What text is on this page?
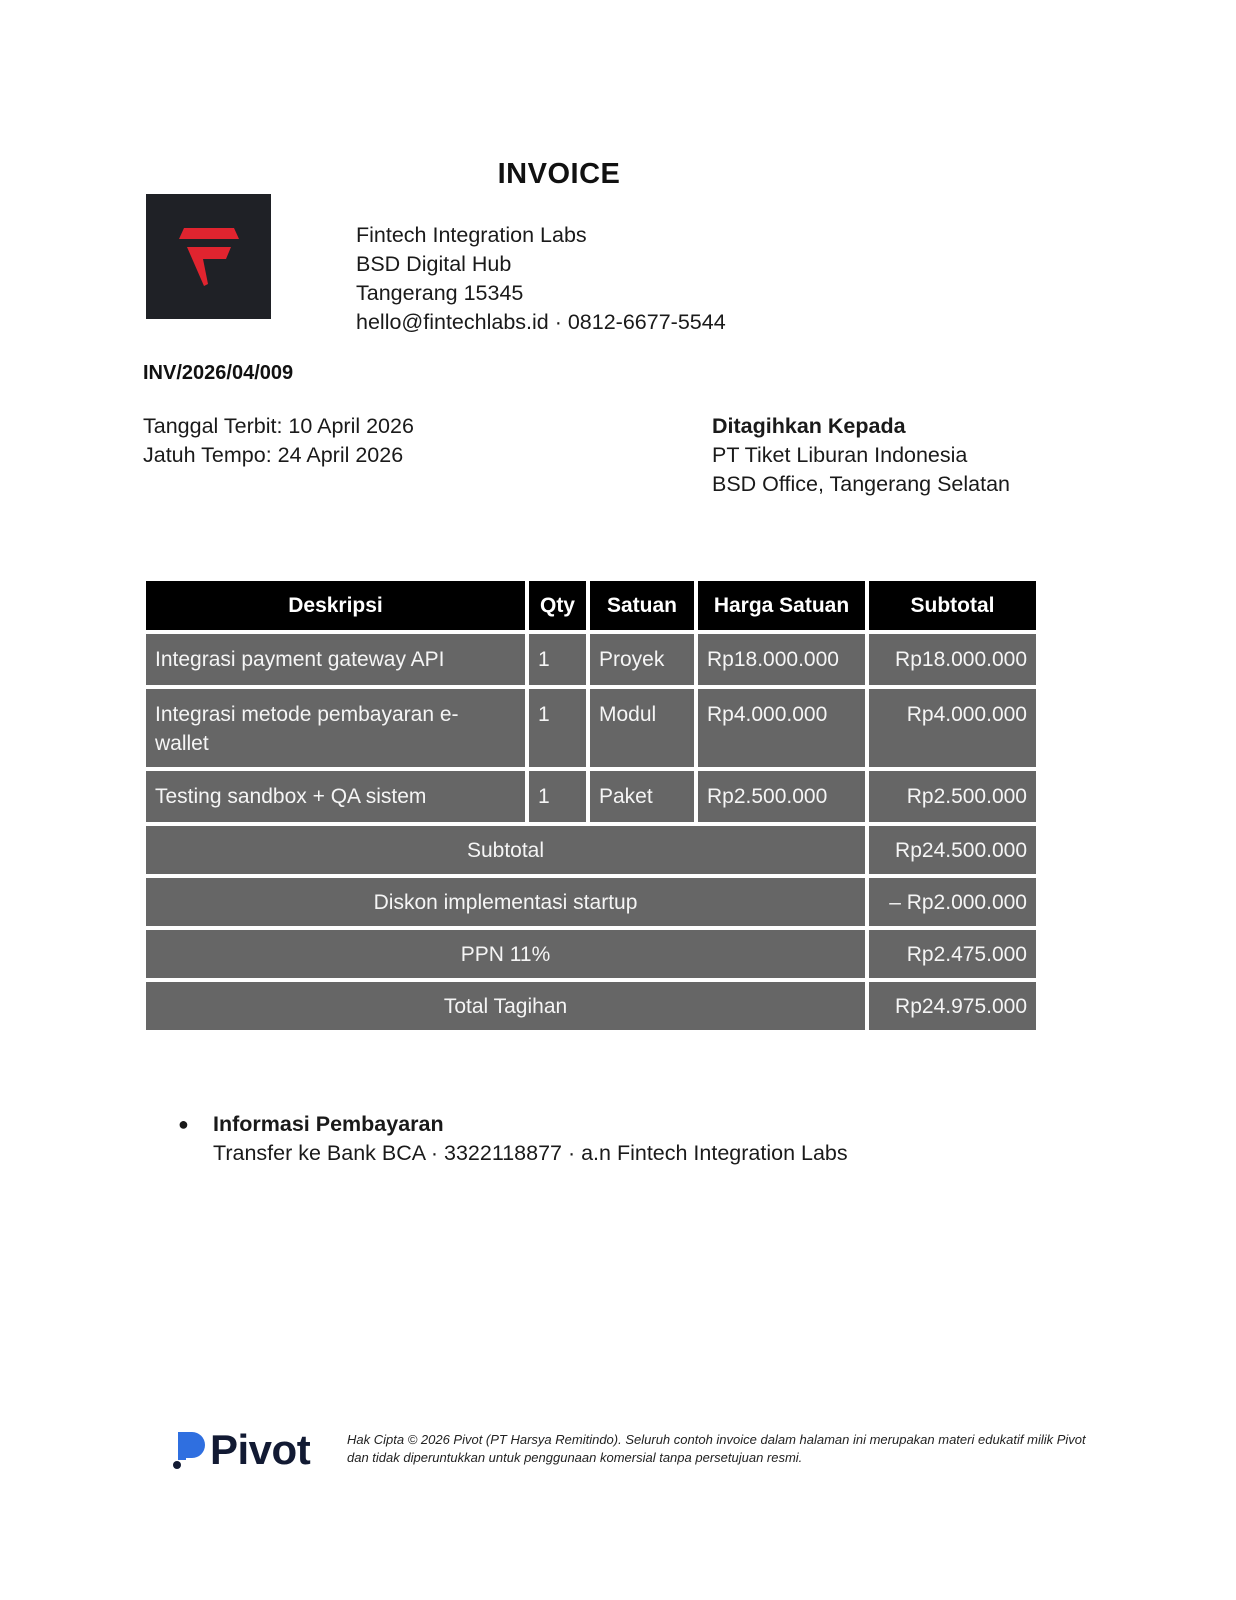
INVOICE
Fintech Integration Labs
BSD Digital Hub
Tangerang 15345
hello@fintechlabs.id · 0812-6677-5544
INV/2026/04/009
Tanggal Terbit: 10 April 2026
Jatuh Tempo: 24 April 2026
Ditagihkan Kepada
PT Tiket Liburan Indonesia
BSD Office, Tangerang Selatan
Deskripsi	Qty	Satuan	Harga Satuan	Subtotal
Integrasi payment gateway API	1	Proyek	Rp18.000.000	Rp18.000.000
Integrasi metode pembayaran e-wallet	1	Modul	Rp4.000.000	Rp4.000.000
Testing sandbox + QA sistem	1	Paket	Rp2.500.000	Rp2.500.000
Subtotal				Rp24.500.000
Diskon implementasi startup				– Rp2.000.000
PPN 11%				Rp2.475.000
Total Tagihan				Rp24.975.000
● Informasi Pembayaran
Transfer ke Bank BCA · 3322118877 · a.n Fintech Integration Labs
Pivot	Hak Cipta © 2026 Pivot (PT Harsya Remitindo). Seluruh contoh invoice dalam halaman ini merupakan materi edukatif milik Pivot dan tidak diperuntukkan untuk penggunaan komersial tanpa persetujuan resmi.
